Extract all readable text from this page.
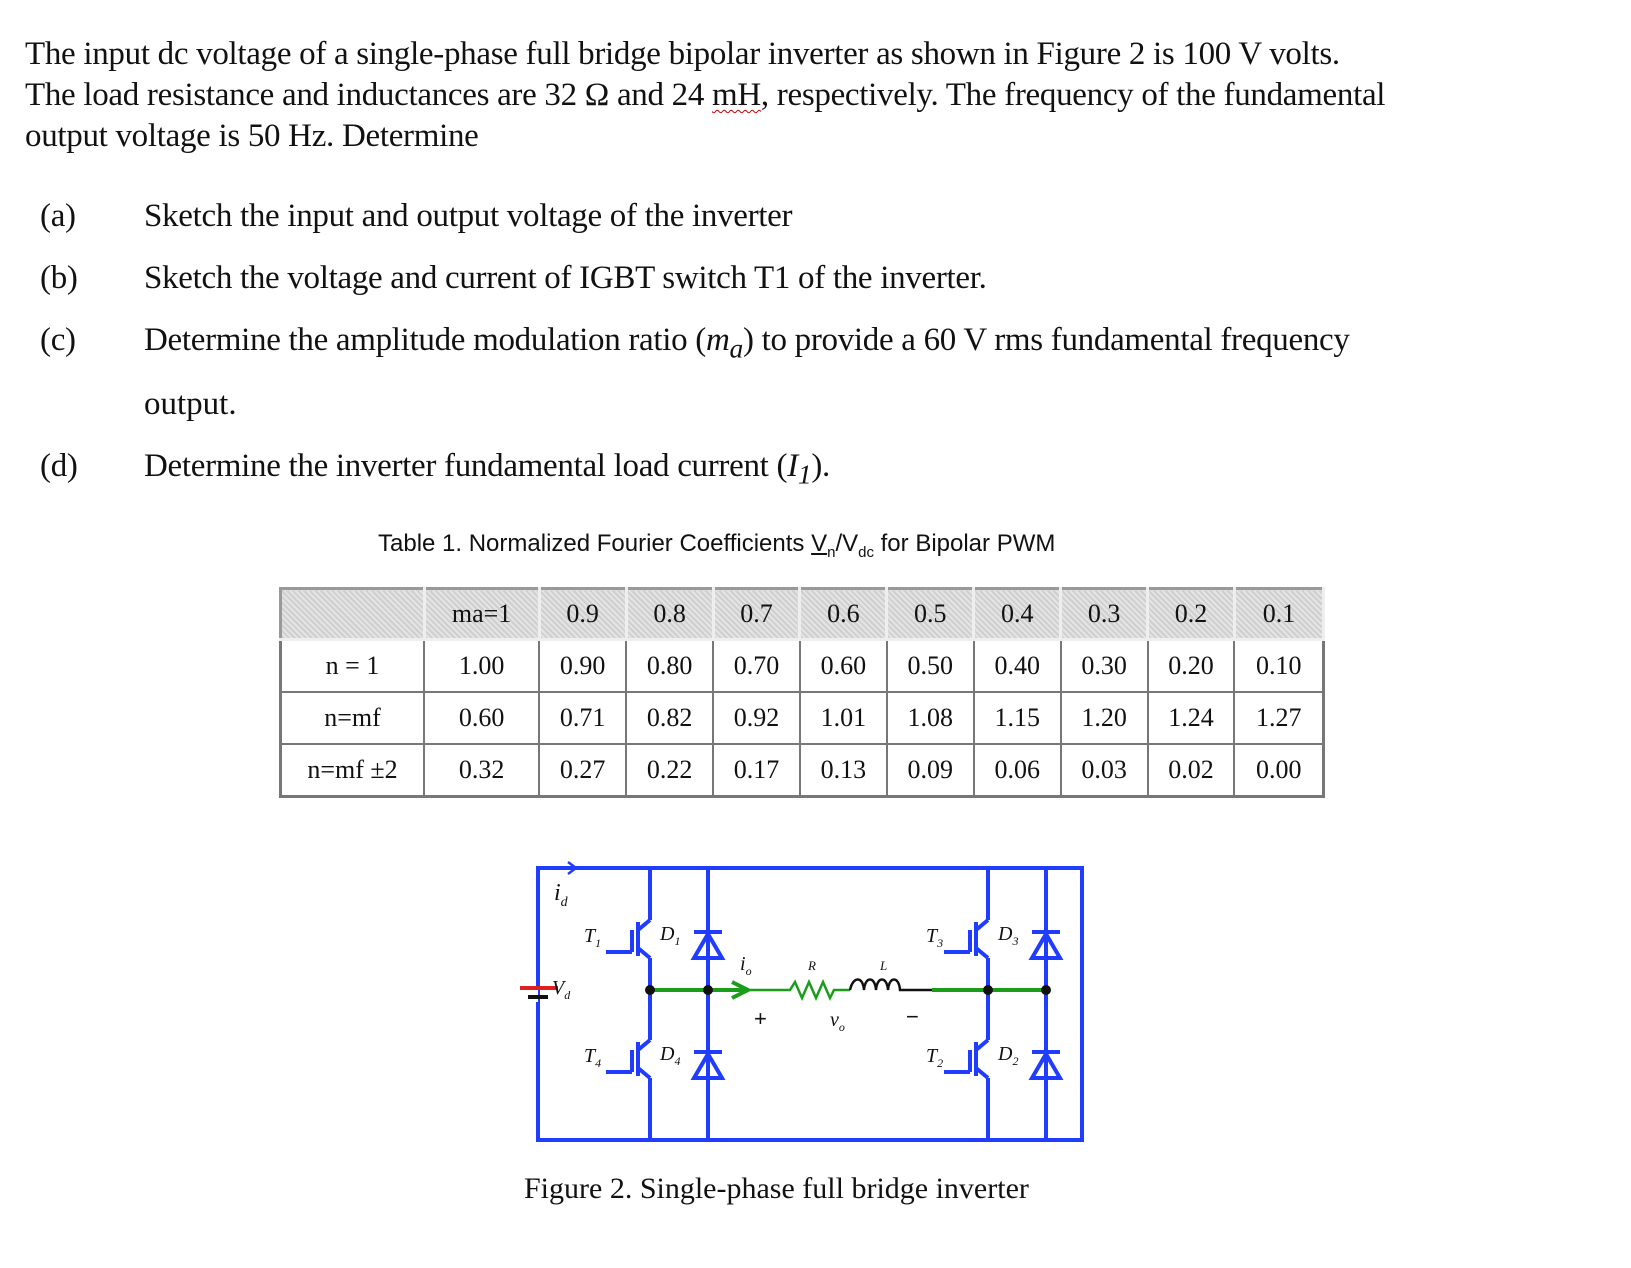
The input dc voltage of a single-phase full bridge bipolar inverter as shown in Figure 2 is 100 V volts.
The load resistance and inductances are 32 Ω and 24 mH, respectively. The frequency of the fundamental
output voltage is 50 Hz. Determine

(a) Sketch the input and output voltage of the inverter
(b) Sketch the voltage and current of IGBT switch T1 of the inverter.
(c) Determine the amplitude modulation ratio $(m_a)$ to provide a 60 V rms fundamental frequency
output.
(d) Determine the inverter fundamental load current $(I_1)$.
Table 1. Normalized Fourier Coefficients $V_n/V_{dc}$ for Bipolar PWM
	ma=1	0.9	0.8	0.7	0.6	0.5	0.4	0.3	0.2	0.1
n = 1	1.00	0.90	0.80	0.70	0.60	0.50	0.40	0.30	0.20	0.10
n=mf	0.60	0.71	0.82	0.92	1.01	1.08	1.15	1.20	1.24	1.27
n=mf ±2	0.32	0.27	0.22	0.17	0.13	0.09	0.06	0.03	0.02	0.00
$i_d$
$V_d$
$T_1$	$D_1$
$T_4$	$D_4$
$T_3$	$D_3$
$T_2$	$D_2$
$i_o$	R	L
$v_o$
+	−
Figure 2. Single-phase full bridge inverter
